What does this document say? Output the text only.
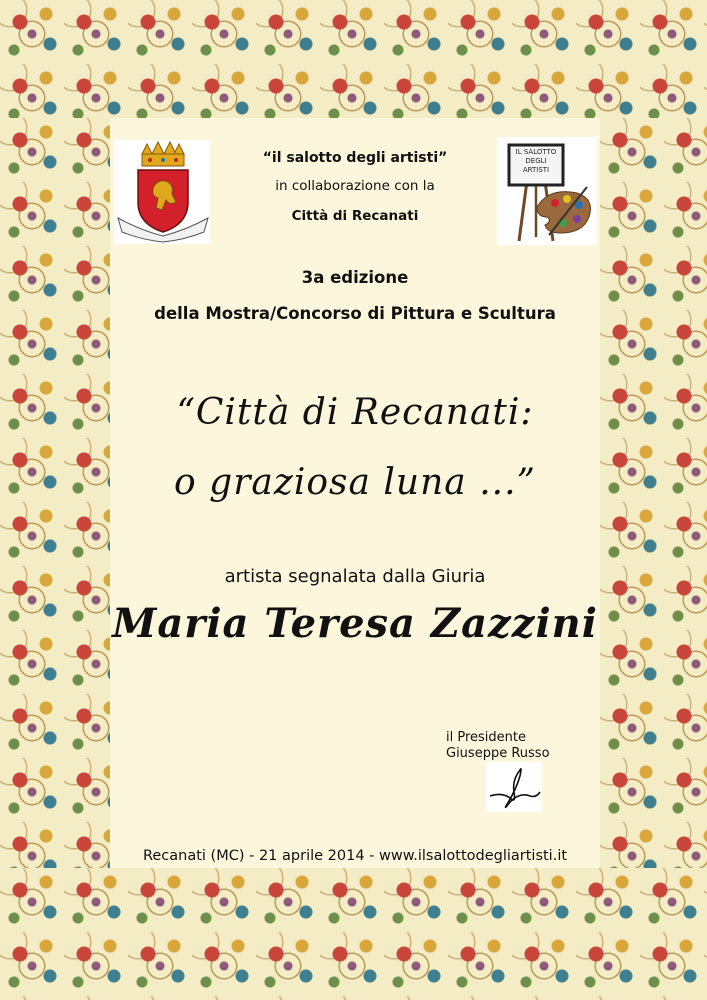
IL SALOTTO
DEGLI
ARTISTI
“il salotto degli artisti”
in collaborazione con la
Città di Recanati
3a edizione
della Mostra/Concorso di Pittura e Scultura
“Città di Recanati:
o graziosa luna ...”
artista segnalata dalla Giuria
Maria Teresa Zazzini
il Presidente
Giuseppe Russo
Recanati (MC) - 21 aprile 2014 - www.ilsalottodegliartisti.it
